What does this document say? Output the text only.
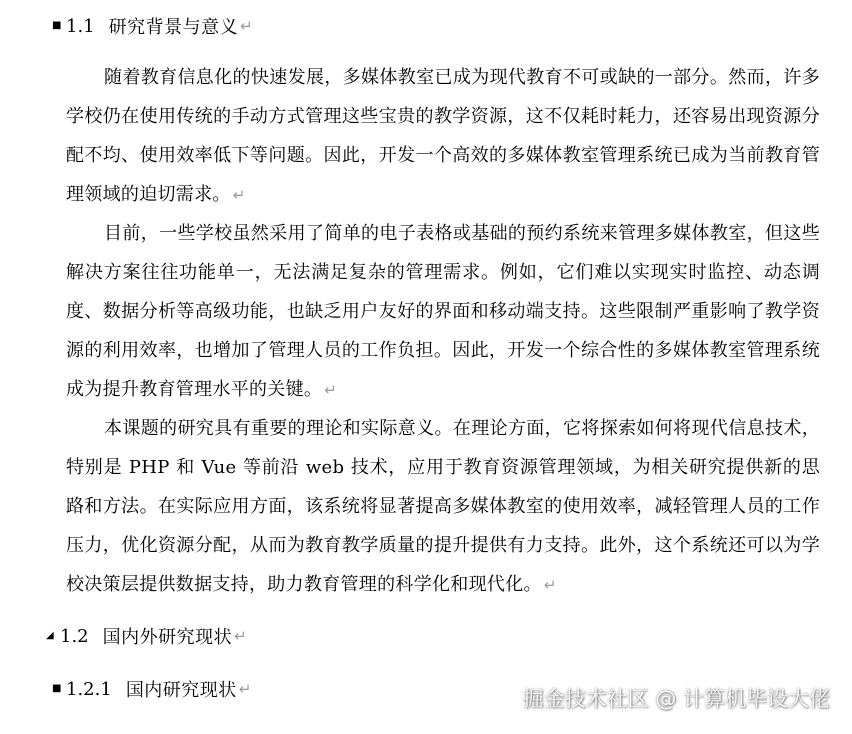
■ 1.1 研究背景与意义 ↵

随着教育信息化的快速发展，多媒体教室已成为现代教育不可或缺的一部分。然而，许多学校仍在使用传统的手动方式管理这些宝贵的教学资源，这不仅耗时耗力，还容易出现资源分配不均、使用效率低下等问题。因此，开发一个高效的多媒体教室管理系统已成为当前教育管理领域的迫切需求。 ↵

目前，一些学校虽然采用了简单的电子表格或基础的预约系统来管理多媒体教室，但这些解决方案往往功能单一，无法满足复杂的管理需求。例如，它们难以实现实时监控、动态调度、数据分析等高级功能，也缺乏用户友好的界面和移动端支持。这些限制严重影响了教学资源的利用效率，也增加了管理人员的工作负担。因此，开发一个综合性的多媒体教室管理系统成为提升教育管理水平的关键。 ↵

本课题的研究具有重要的理论和实际意义。在理论方面，它将探索如何将现代信息技术，特别是 PHP 和 Vue 等前沿 web 技术，应用于教育资源管理领域，为相关研究提供新的思路和方法。在实际应用方面，该系统将显著提高多媒体教室的使用效率，减轻管理人员的工作压力，优化资源分配，从而为教育教学质量的提升提供有力支持。此外，这个系统还可以为学校决策层提供数据支持，助力教育管理的科学化和现代化。 ↵

◢ 1.2 国内外研究现状 ↵
■ 1.2.1 国内研究现状 ↵	掘金技术社区 @ 计算机毕设大佬
